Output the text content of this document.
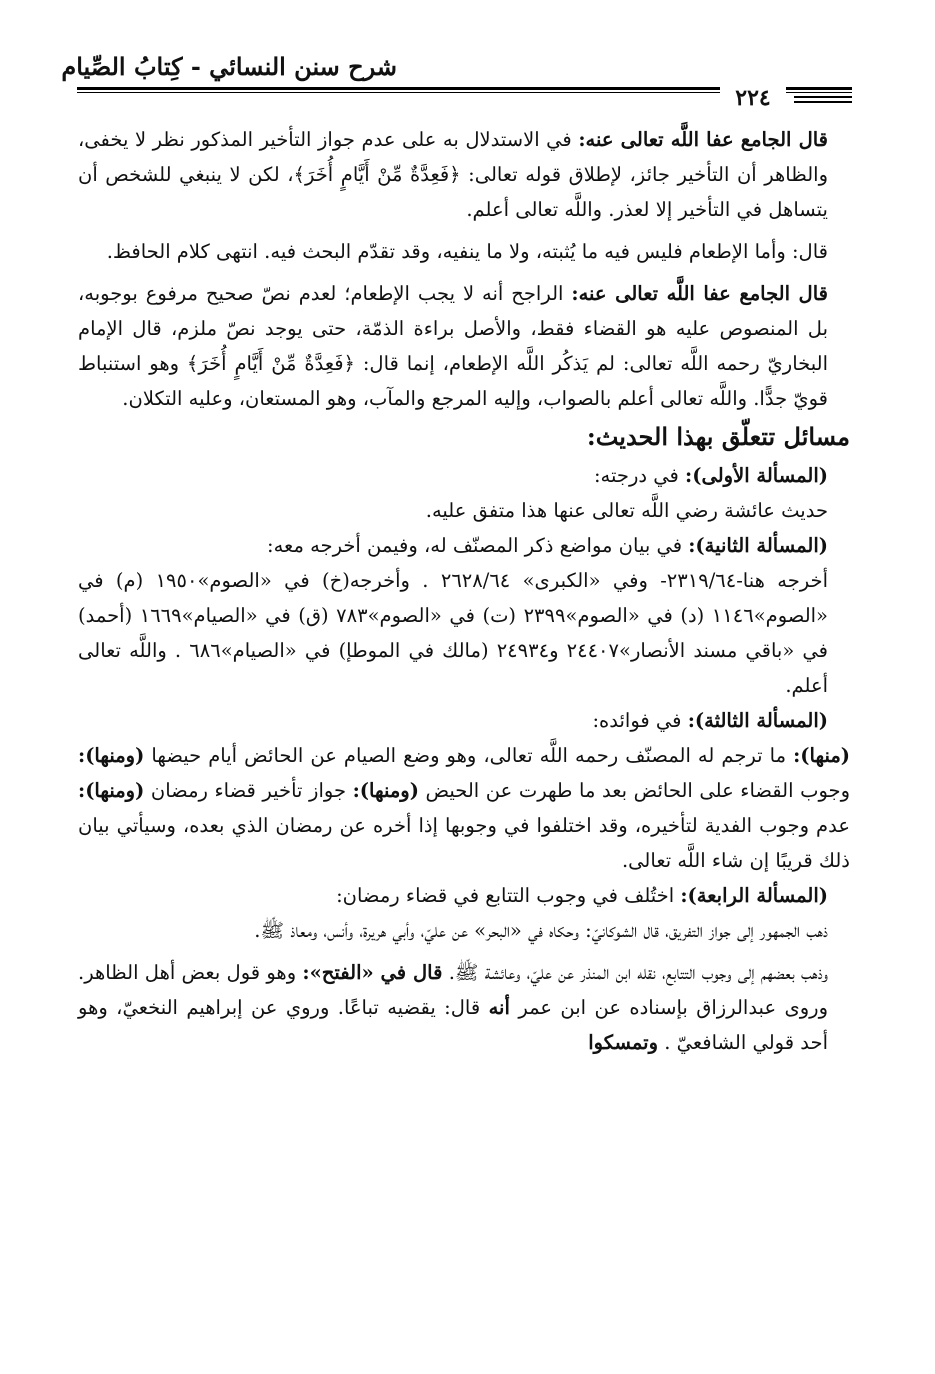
شرح سنن النسائي - كِتابُ الصِّيام
٢٢٤

قال الجامع عفا اللَّه تعالى عنه: في الاستدلال به على عدم جواز التأخير المذكور نظر لا يخفى، والظاهر أن التأخير جائز، لإطلاق قوله تعالى: ﴿فَعِدَّةٌ مِّنْ أَيَّامٍ أُخَرَ﴾، لكن لا ينبغي للشخص أن يتساهل في التأخير إلا لعذر. واللَّه تعالى أعلم.

قال: وأما الإطعام فليس فيه ما يُثبته، ولا ما ينفيه، وقد تقدّم البحث فيه. انتهى كلام الحافظ.

قال الجامع عفا اللَّه تعالى عنه: الراجح أنه لا يجب الإطعام؛ لعدم نصّ صحيح مرفوع بوجوبه، بل المنصوص عليه هو القضاء فقط، والأصل براءة الذمّة، حتى يوجد نصّ ملزم، قال الإمام البخاريّ رحمه اللَّه تعالى: لم يَذكُر اللَّه الإطعام، إنما قال: ﴿فَعِدَّةٌ مِّنْ أَيَّامٍ أُخَرَ﴾ وهو استنباط قويّ جدًّا. واللَّه تعالى أعلم بالصواب، وإليه المرجع والمآب، وهو المستعان، وعليه التكلان.

مسائل تتعلّق بهذا الحديث:

(المسألة الأولى): في درجته:

حديث عائشة رضي اللَّه تعالى عنها هذا متفق عليه.

(المسألة الثانية): في بيان مواضع ذكر المصنّف له، وفيمن أخرجه معه:

أخرجه هنا-٢٣١٩/٦٤- وفي «الكبرى» ٢٦٢٨/٦٤ . وأخرجه(خ) في «الصوم»١٩٥٠ (م) في «الصوم»١١٤٦ (د) في «الصوم»٢٣٩٩ (ت) في «الصوم»٧٨٣ (ق) في «الصيام»١٦٦٩ (أحمد) في «باقي مسند الأنصار»٢٤٤٠٧ و٢٤٩٣٤ (مالك في الموطإ) في «الصيام»٦٨٦ . واللَّه تعالى أعلم.

(المسألة الثالثة): في فوائده:

(منها): ما ترجم له المصنّف رحمه اللَّه تعالى، وهو وضع الصيام عن الحائض أيام حيضها (ومنها): وجوب القضاء على الحائض بعد ما طهرت عن الحيض (ومنها): جواز تأخير قضاء رمضان (ومنها): عدم وجوب الفدية لتأخيره، وقد اختلفوا في وجوبها إذا أخره عن رمضان الذي بعده، وسيأتي بيان ذلك قريبًا إن شاء اللَّه تعالى.

(المسألة الرابعة): اختُلف في وجوب التتابع في قضاء رمضان:

ذهب الجمهور إلى جواز التفريق، قال الشوكانيّ: وحكاه في «البحر» عن عليّ، وأبي هريرة، وأنس، ومعاذ ﷺ.

وذهب بعضهم إلى وجوب التتابع، نقله ابن المنذر عن عليّ، وعائشة ﷺ. قال في «الفتح»: وهو قول بعض أهل الظاهر. وروى عبدالرزاق بإسناده عن ابن عمر أنه قال: يقضيه تباعًا. وروي عن إبراهيم النخعيّ، وهو أحد قولي الشافعيّ . وتمسكوا
